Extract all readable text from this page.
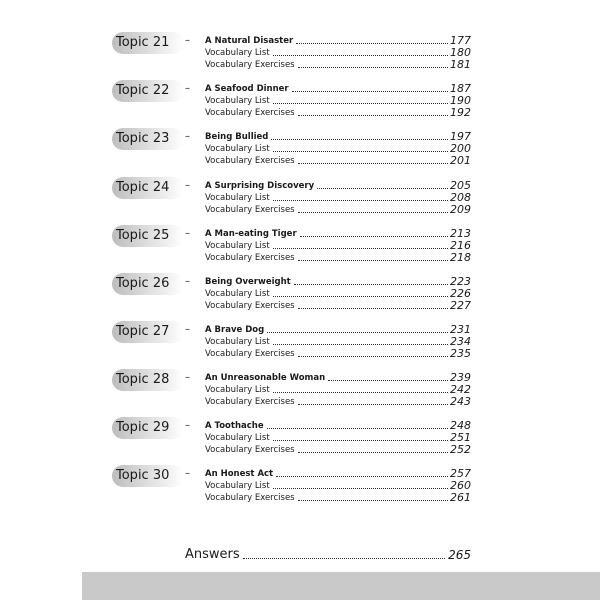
Topic 21	– A Natural Disaster	177
Vocabulary List	180
Vocabulary Exercises	181
Topic 22	– A Seafood Dinner	187
Vocabulary List	190
Vocabulary Exercises	192
Topic 23	– Being Bullied	197
Vocabulary List	200
Vocabulary Exercises	201
Topic 24	– A Surprising Discovery	205
Vocabulary List	208
Vocabulary Exercises	209
Topic 25	– A Man-eating Tiger	213
Vocabulary List	216
Vocabulary Exercises	218
Topic 26	– Being Overweight	223
Vocabulary List	226
Vocabulary Exercises	227
Topic 27	– A Brave Dog	231
Vocabulary List	234
Vocabulary Exercises	235
Topic 28	– An Unreasonable Woman	239
Vocabulary List	242
Vocabulary Exercises	243
Topic 29	– A Toothache	248
Vocabulary List	251
Vocabulary Exercises	252
Topic 30	– An Honest Act	257
Vocabulary List	260
Vocabulary Exercises	261
Answers	265
